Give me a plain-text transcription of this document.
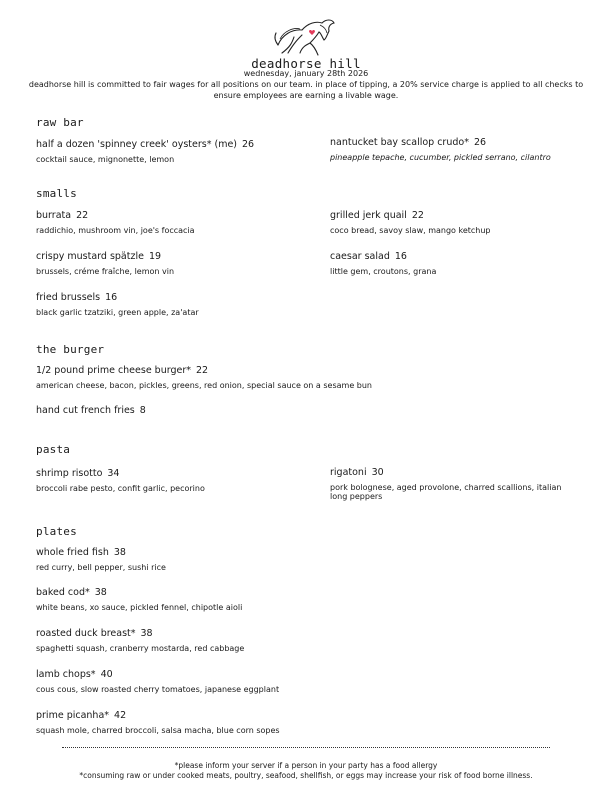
deadhorse hill
wednesday, january 28th 2026
deadhorse hill is committed to fair wages for all positions on our team. in place of tipping, a 20% service charge is applied to all checks to ensure employees are earning a livable wage.
raw bar
half a dozen 'spinney creek' oysters* (me) 26
cocktail sauce, mignonette, lemon
nantucket bay scallop crudo* 26
pineapple tepache, cucumber, pickled serrano, cilantro
smalls
burrata 22
raddichio, mushroom vin, joe's foccacia
grilled jerk quail 22
coco bread, savoy slaw, mango ketchup
crispy mustard spätzle 19
brussels, créme fraîche, lemon vin
caesar salad 16
little gem, croutons, grana
fried brussels 16
black garlic tzatziki, green apple, za'atar
the burger
1/2 pound prime cheese burger* 22
american cheese, bacon, pickles, greens, red onion, special sauce on a sesame bun
hand cut french fries 8
pasta
shrimp risotto 34
broccoli rabe pesto, confit garlic, pecorino
rigatoni 30
pork bolognese, aged provolone, charred scallions, italian long peppers
plates
whole fried fish 38
red curry, bell pepper, sushi rice
baked cod* 38
white beans, xo sauce, pickled fennel, chipotle aioli
roasted duck breast* 38
spaghetti squash, cranberry mostarda, red cabbage
lamb chops* 40
cous cous, slow roasted cherry tomatoes, japanese eggplant
prime picanha* 42
squash mole, charred broccoli, salsa macha, blue corn sopes
*please inform your server if a person in your party has a food allergy
*consuming raw or under cooked meats, poultry, seafood, shellfish, or eggs may increase your risk of food borne illness.
